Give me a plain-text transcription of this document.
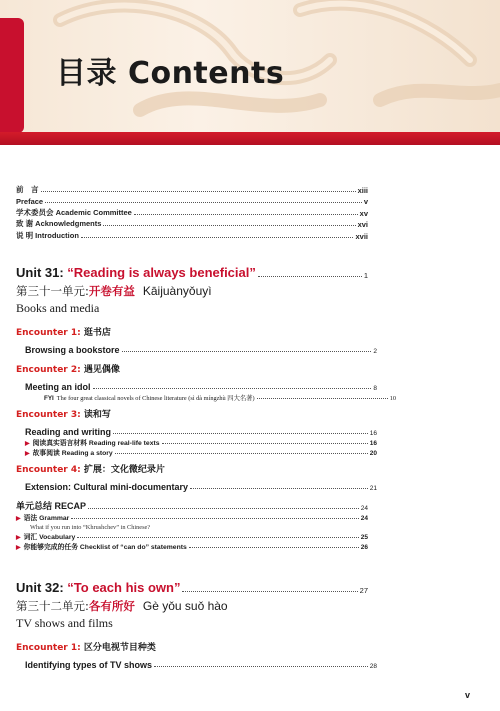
目录 Contents
前　言	xiii
Preface	v
学术委员会 Academic Committee	xv
致 谢 Acknowledgments	xvi
说 明 Introduction	xvii
Unit 31: “Reading is always beneficial”	1
第三十一单元:开卷有益 Kāijuànyǒuyì
Books and media
Encounter 1: 逛书店
Browsing a bookstore	2
Encounter 2: 遇见偶像
Meeting an idol	8
FYI The four great classical novels of Chinese literature (sì dà míngzhù 四大名著)	10
Encounter 3: 读和写
Reading and writing	16
▶ 阅读真实语言材料 Reading real-life texts	16
▶ 故事阅读 Reading a story	20
Encounter 4: 扩展：文化微纪录片
Extension: Cultural mini-documentary	21
单元总结 RECAP	24
▶ 语法 Grammar	24
What if you run into “Khrushchev” in Chinese?
▶ 词汇 Vocabulary	25
▶ 你能够完成的任务 Checklist of “can do” statements	26
Unit 32: “To each his own”	27
第三十二单元:各有所好 Gè yǒu suǒ hào
TV shows and films
Encounter 1: 区分电视节目种类
Identifying types of TV shows	28
v
